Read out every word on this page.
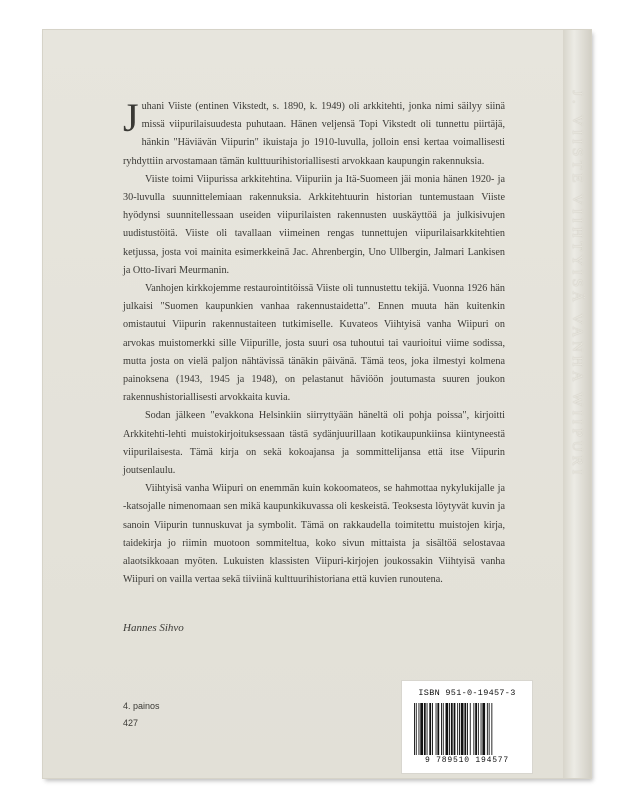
Juhani Viiste (entinen Vikstedt, s. 1890, k. 1949) oli arkkitehti, jonka nimi säilyy siinä missä viipurilaisuudesta puhutaan. Hänen veljensä Topi Vikstedt oli tunnettu piirtäjä, hänkin "Häviävän Viipurin" ikuistaja jo 1910-luvulla, jolloin ensi kertaa voimallisesti ryhdyttiin arvostamaan tämän kulttuurihistoriallisesti arvokkaan kaupungin rakennuksia.

Viiste toimi Viipurissa arkkitehtina. Viipuriin ja Itä-Suomeen jäi monia hänen 1920- ja 30-luvulla suunnittelemiaan rakennuksia. Arkkitehtuurin historian tuntemustaan Viiste hyödynsi suunnitellessaan useiden viipurilaisten rakennusten uuskäyttöä ja julkisivujen uudistustöitä. Viiste oli tavallaan viimeinen rengas tunnettujen viipurilaisarkkitehtien ketjussa, josta voi mainita esimerkkeinä Jac. Ahrenbergin, Uno Ullbergin, Jalmari Lankisen ja Otto-Iivari Meurmanin.

Vanhojen kirkkojemme restaurointitöissä Viiste oli tunnustettu tekijä. Vuonna 1926 hän julkaisi "Suomen kaupunkien vanhaa rakennustaidetta". Ennen muuta hän kuitenkin omistautui Viipurin rakennustaiteen tutkimiselle. Kuvateos Viihtyisä vanha Wiipuri on arvokas muistomerkki sille Viipurille, josta suuri osa tuhoutui tai vaurioitui viime sodissa, mutta josta on vielä paljon nähtävissä tänäkin päivänä. Tämä teos, joka ilmestyi kolmena painoksena (1943, 1945 ja 1948), on pelastanut häviöön joutumasta suuren joukon rakennushistoriallisesti arvokkaita kuvia.

Sodan jälkeen "evakkona Helsinkiin siirryttyään häneltä oli pohja poissa", kirjoitti Arkkitehti-lehti muistokirjoituksessaan tästä sydänjuurillaan kotikaupunkiinsa kiintyneestä viipurilaisesta. Tämä kirja on sekä kokoajansa ja sommittelijansa että itse Viipurin joutsenlaulu.

Viihtyisä vanha Wiipuri on enemmän kuin kokoomateos, se hahmottaa nykylukijalle ja -katsojalle nimenomaan sen mikä kaupunkikuvassa oli keskeistä. Teoksesta löytyvät kuvin ja sanoin Viipurin tunnuskuvat ja symbolit. Tämä on rakkaudella toimitettu muistojen kirja, taidekirja jo riimin muotoon sommiteltua, koko sivun mittaista ja sisältöä selostavaa alaotsikkoaan myöten. Lukuisten klassisten Viipuri-kirjojen joukossakin Viihtyisä vanha Wiipuri on vailla vertaa sekä tiiviinä kulttuurihistoriana että kuvien runoutena.

Hannes Sihvo
4. painos
427
ISBN 951-0-19457-3
9 789510 194577
J. VIISTE VIIHTYISÄ VANHA WIIPURI
